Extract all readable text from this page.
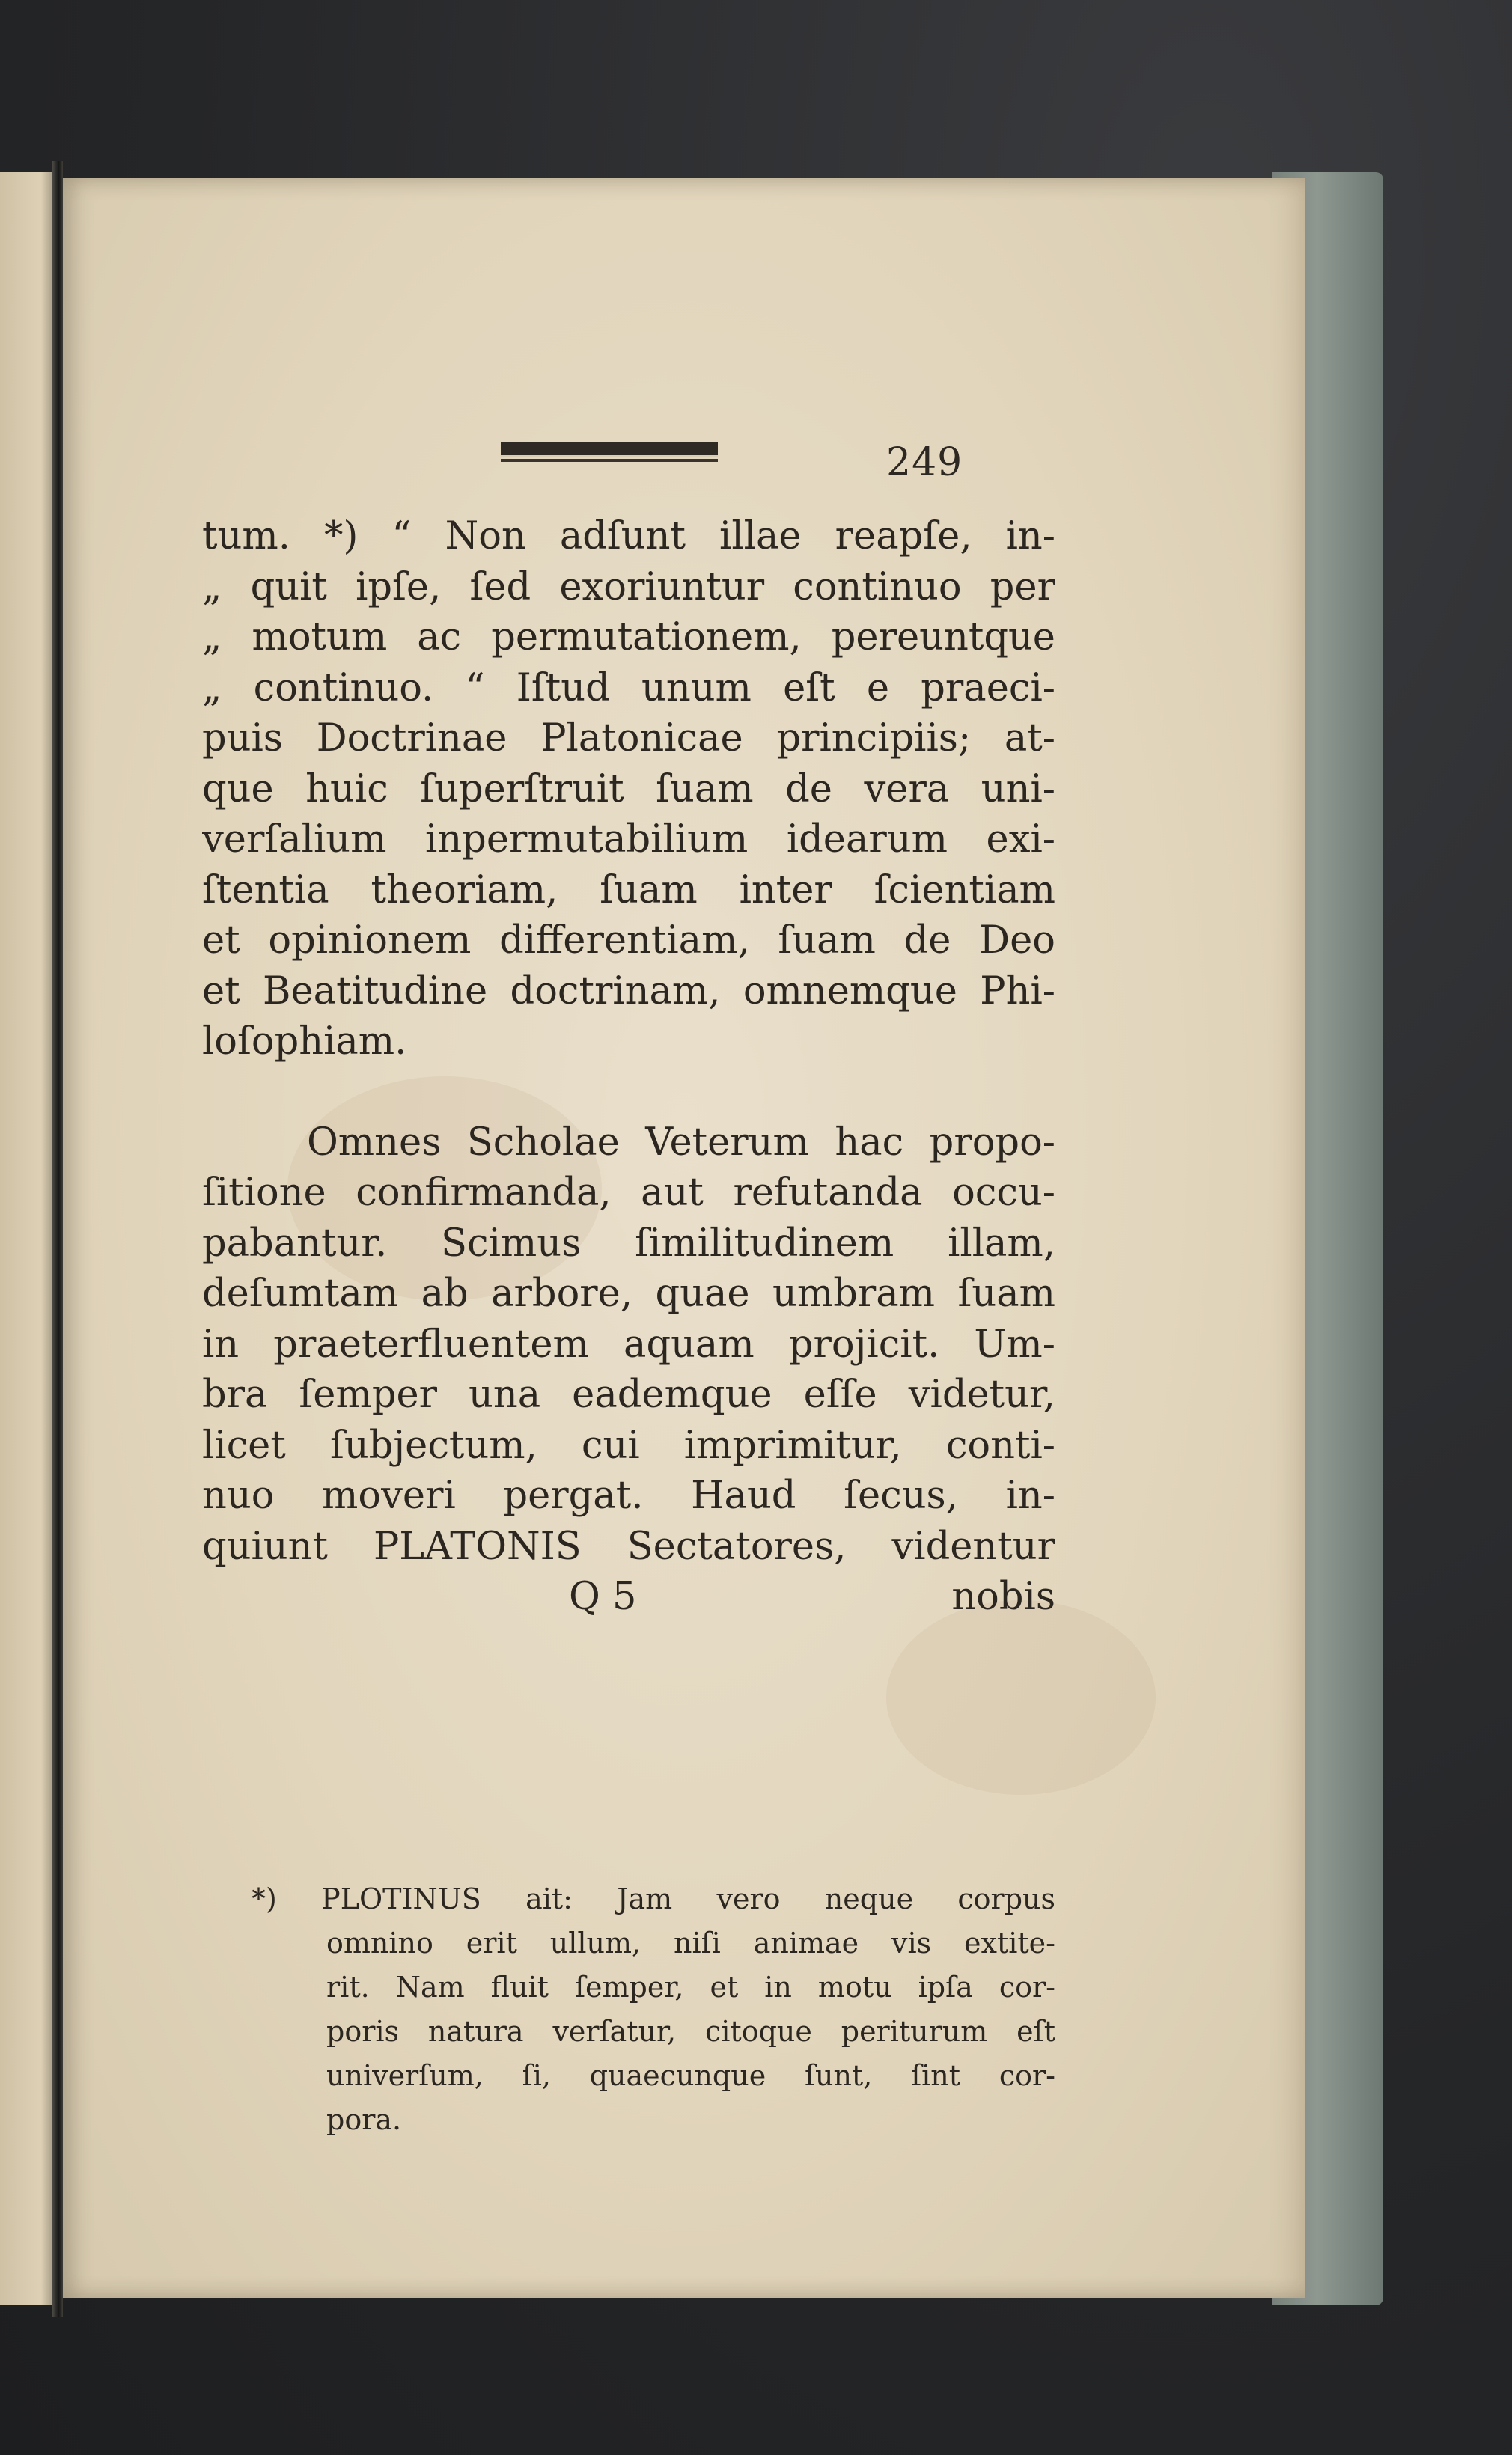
249
tum. *) “ Non adſunt illae reapſe, in-
„ quit ipſe, ſed exoriuntur continuo per
„ motum ac permutationem, pereuntque
„ continuo. “ Iſtud unum eſt e praeci-
puis Doctrinae Platonicae principiis; at-
que huic ſuperſtruit ſuam de vera uni-
verſalium inpermutabilium idearum exi-
ſtentia theoriam, ſuam inter ſcientiam
et opinionem differentiam, ſuam de Deo
et Beatitudine doctrinam, omnemque Phi-
loſophiam.
Omnes Scholae Veterum hac propo-
ſitione confirmanda, aut refutanda occu-
pabantur. Scimus ſimilitudinem illam,
deſumtam ab arbore, quae umbram ſuam
in praeterfluentem aquam projicit. Um-
bra ſemper una eademque eſſe videtur,
licet ſubjectum, cui imprimitur, conti-
nuo moveri pergat. Haud ſecus, in-
quiunt PLATONIS Sectatores, videntur
Q 5	nobis
*) PLOTINUS ait: Jam vero neque corpus
omnino erit ullum, niſi animae vis extite-
rit. Nam fluit ſemper, et in motu ipſa cor-
poris natura verſatur, citoque periturum eſt
univerſum, ſi, quaecunque ſunt, ſint cor-
pora.
